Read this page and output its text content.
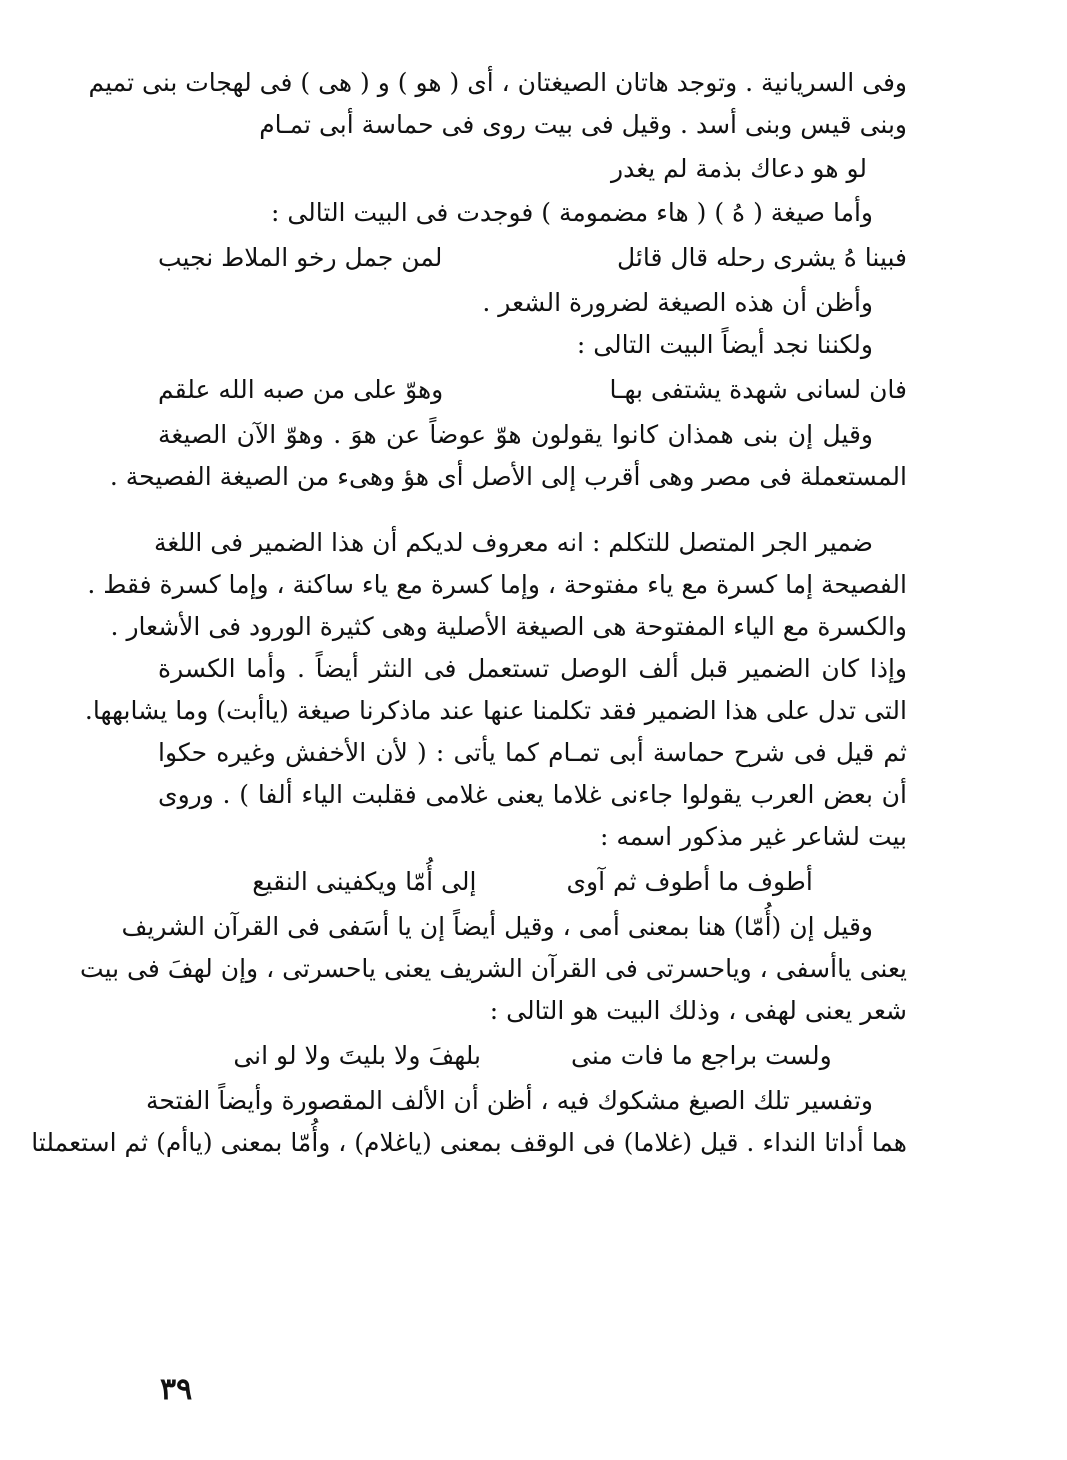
وفى السريانية . وتوجد هاتان الصيغتان ، أى ( هو ) و ( هى ) فى لهجات بنى تميم
وبنى قيس وبنى أسد . وقيل فى بيت روى فى حماسة أبى تمـام
لو هو دعاك بذمة لم يغدر
وأما صيغة ( هُ ) ( هاء مضمومة ) فوجدت فى البيت التالى :
فبينا هُ يشرى رحله قال قائل
لمن جمل رخو الملاط نجيب
وأظن أن هذه الصيغة لضرورة الشعر .
ولكننا نجد أيضاً البيت التالى :
فان لسانى شهدة يشتفى بهـا
وهوّ على من صبه الله علقم
وقيل إن بنى همذان كانوا يقولون هوّ عوضاً عن هوَ . وهوّ الآن الصيغة
المستعملة فى مصر وهى أقرب إلى الأصل أى هؤ وهىء من الصيغة الفصيحة .
ضمير الجر المتصل للتكلم : انه معروف لديكم أن هذا الضمير فى اللغة
الفصيحة إما كسرة مع ياء مفتوحة ، وإما كسرة مع ياء ساكنة ، وإما كسرة فقط .
والكسرة مع الياء المفتوحة هى الصيغة الأصلية وهى كثيرة الورود فى الأشعار .
وإذا كان الضمير قبل ألف الوصل تستعمل فى النثر أيضاً . وأما الكسرة
التى تدل على هذا الضمير فقد تكلمنا عنها عند ماذكرنا صيغة (ياأبت) وما يشابهها.
ثم قيل فى شرح حماسة أبى تمـام كما يأتى : ( لأن الأخفش وغيره حكوا
أن بعض العرب يقولوا جاءنى غلاما يعنى غلامى فقلبت الياء ألفا ) . وروى
بيت لشاعر غير مذكور اسمه :
أطوف ما أطوف ثم آوى
إلى أُمّا ويكفينى النقيع
وقيل إن (أُمّا) هنا بمعنى أمى ، وقيل أيضاً إن يا أسَفى فى القرآن الشريف
يعنى ياأسفى ، وياحسرتى فى القرآن الشريف يعنى ياحسرتى ، وإن لهفَ فى بيت
شعر يعنى لهفى ، وذلك البيت هو التالى :
ولست براجع ما فات منى
بلهفَ ولا بليتَ ولا لو انى
وتفسير تلك الصيغ مشكوك فيه ، أظن أن الألف المقصورة وأيضاً الفتحة
هما أداتا النداء . قيل (غلاما) فى الوقف بمعنى (ياغلام) ، وأُمّا بمعنى (ياأم) ثم استعملتا
٣٩
